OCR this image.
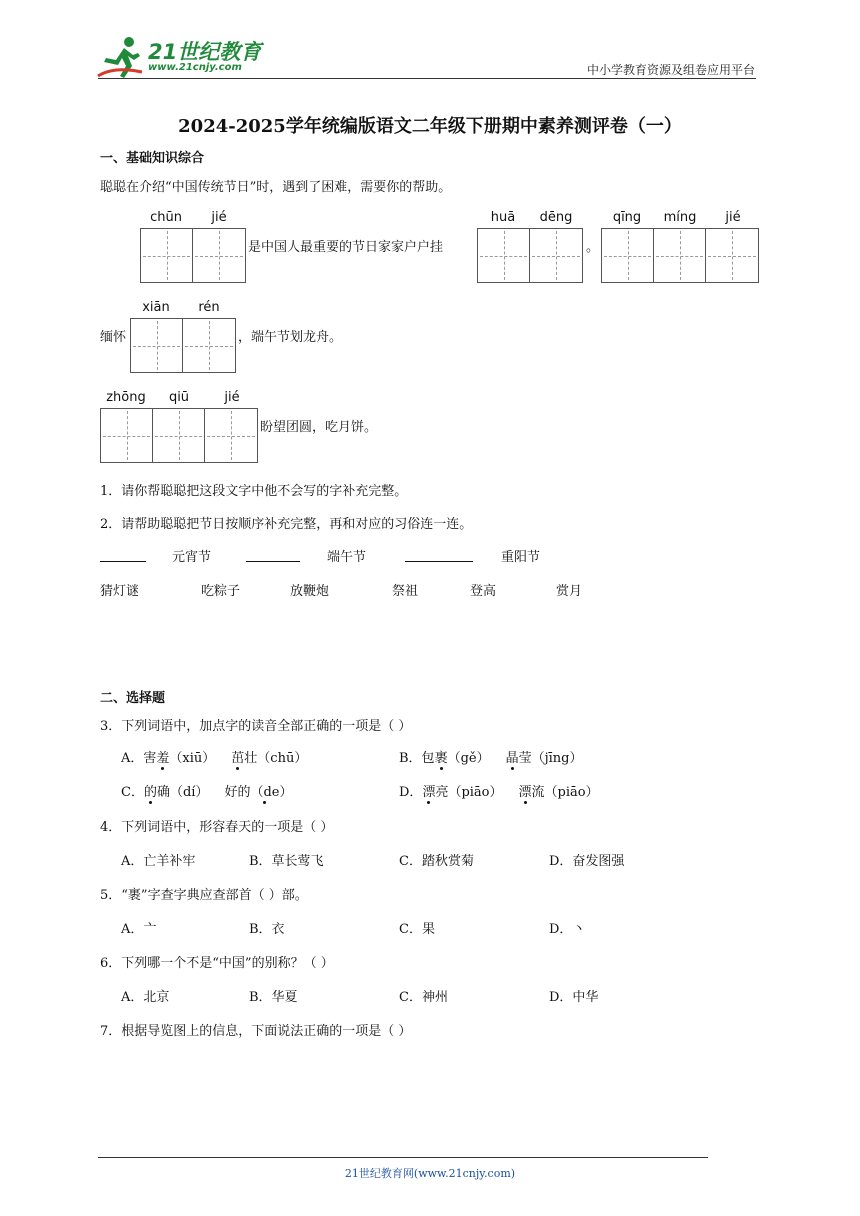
21世纪教育
www.21cnjy.com	中小学教育资源及组卷应用平台
2024-2025学年统编版语文二年级下册期中素养测评卷（一）
一、基础知识综合
聪聪在介绍“中国传统节日”时，遇到了困难，需要你的帮助。
chūn	jié
是中国人最重要的节日家家户户挂
huā	dēng
。
qīng	míng	jié
缅怀
xiān	rén
，端午节划龙舟。
zhōng	qiū	jié
盼望团圆，吃月饼。
1．请你帮聪聪把这段文字中他不会写的字补充完整。
2．请帮助聪聪把节日按顺序补充完整，再和对应的习俗连一连。
元宵节	端午节	重阳节
猜灯谜	吃粽子	放鞭炮	祭祖	登高	赏月
二、选择题
3．下列词语中，加点字的读音全部正确的一项是（ ）
A．害羞（xiū） 茁壮（chū）	B．包裹（gě） 晶莹（jīng）
C．的确（dí） 好的（de）	D．漂亮（piāo） 漂流（piāo）
4．下列词语中，形容春天的一项是（ ）
A．亡羊补牢	B．草长莺飞	C．踏秋赏菊	D．奋发图强
5．“裹”字查字典应查部首（ ）部。
A．亠	B．衣	C．果	D．丶
6．下列哪一个不是“中国”的别称？（ ）
A．北京	B．华夏	C．神州	D．中华
7．根据导览图上的信息，下面说法正确的一项是（ ）
21世纪教育网(www.21cnjy.com)
